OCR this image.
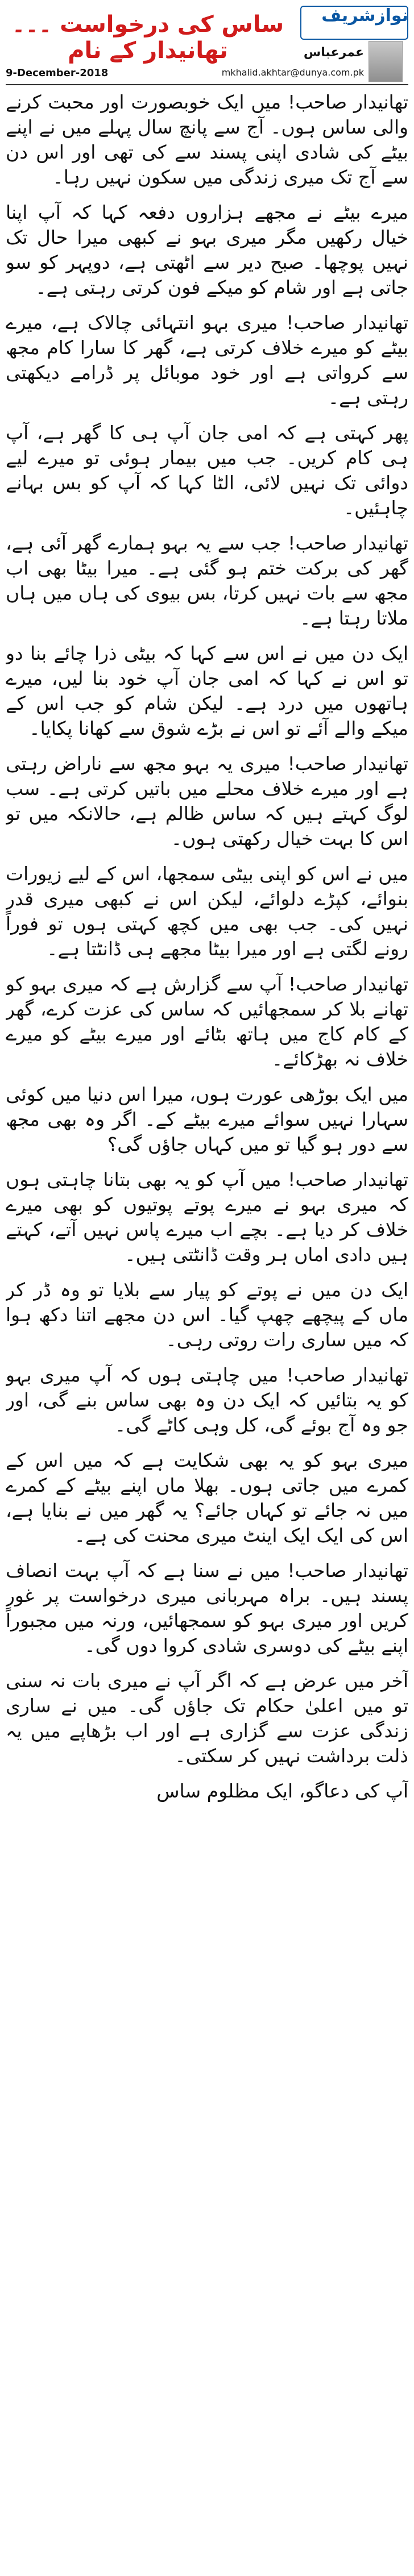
نوازشریف
عمرعباس
ساس کی درخواست ۔۔۔ تھانیدار کے نام
9-December-2018	mkhalid.akhtar@dunya.com.pk

تھانیدار صاحب! میں ایک خوبصورت اور محبت کرنے والی ساس ہوں۔ آج سے پانچ سال پہلے میں نے اپنے بیٹے کی شادی اپنی پسند سے کی تھی اور اس دن سے آج تک میری زندگی میں سکون نہیں رہا۔

میرے بیٹے نے مجھے ہزاروں دفعہ کہا کہ آپ اپنا خیال رکھیں مگر میری بہو نے کبھی میرا حال تک نہیں پوچھا۔ صبح دیر سے اٹھتی ہے، دوپہر کو سو جاتی ہے اور شام کو میکے فون کرتی رہتی ہے۔

تھانیدار صاحب! میری بہو انتہائی چالاک ہے، میرے بیٹے کو میرے خلاف کرتی ہے، گھر کا سارا کام مجھ سے کرواتی ہے اور خود موبائل پر ڈرامے دیکھتی رہتی ہے۔

پھر کہتی ہے کہ امی جان آپ ہی کا گھر ہے، آپ ہی کام کریں۔ جب میں بیمار ہوئی تو میرے لیے دوائی تک نہیں لائی، الٹا کہا کہ آپ کو بس بہانے چاہئیں۔

تھانیدار صاحب! جب سے یہ بہو ہمارے گھر آئی ہے، گھر کی برکت ختم ہو گئی ہے۔ میرا بیٹا بھی اب مجھ سے بات نہیں کرتا، بس بیوی کی ہاں میں ہاں ملاتا رہتا ہے۔

ایک دن میں نے اس سے کہا کہ بیٹی ذرا چائے بنا دو تو اس نے کہا کہ امی جان آپ خود بنا لیں، میرے ہاتھوں میں درد ہے۔ لیکن شام کو جب اس کے میکے والے آئے تو اس نے بڑے شوق سے کھانا پکایا۔

تھانیدار صاحب! میری یہ بہو مجھ سے ناراض رہتی ہے اور میرے خلاف محلے میں باتیں کرتی ہے۔ سب لوگ کہتے ہیں کہ ساس ظالم ہے، حالانکہ میں تو اس کا بہت خیال رکھتی ہوں۔

میں نے اس کو اپنی بیٹی سمجھا، اس کے لیے زیورات بنوائے، کپڑے دلوائے، لیکن اس نے کبھی میری قدر نہیں کی۔ جب بھی میں کچھ کہتی ہوں تو فوراً رونے لگتی ہے اور میرا بیٹا مجھے ہی ڈانٹتا ہے۔

تھانیدار صاحب! آپ سے گزارش ہے کہ میری بہو کو تھانے بلا کر سمجھائیں کہ ساس کی عزت کرے، گھر کے کام کاج میں ہاتھ بٹائے اور میرے بیٹے کو میرے خلاف نہ بھڑکائے۔

میں ایک بوڑھی عورت ہوں، میرا اس دنیا میں کوئی سہارا نہیں سوائے میرے بیٹے کے۔ اگر وہ بھی مجھ سے دور ہو گیا تو میں کہاں جاؤں گی؟

تھانیدار صاحب! میں آپ کو یہ بھی بتانا چاہتی ہوں کہ میری بہو نے میرے پوتے پوتیوں کو بھی میرے خلاف کر دیا ہے۔ بچے اب میرے پاس نہیں آتے، کہتے ہیں دادی اماں ہر وقت ڈانٹتی ہیں۔

ایک دن میں نے پوتے کو پیار سے بلایا تو وہ ڈر کر ماں کے پیچھے چھپ گیا۔ اس دن مجھے اتنا دکھ ہوا کہ میں ساری رات روتی رہی۔

تھانیدار صاحب! میں چاہتی ہوں کہ آپ میری بہو کو یہ بتائیں کہ ایک دن وہ بھی ساس بنے گی، اور جو وہ آج بوئے گی، کل وہی کاٹے گی۔

میری بہو کو یہ بھی شکایت ہے کہ میں اس کے کمرے میں جاتی ہوں۔ بھلا ماں اپنے بیٹے کے کمرے میں نہ جائے تو کہاں جائے؟ یہ گھر میں نے بنایا ہے، اس کی ایک ایک اینٹ میری محنت کی ہے۔

تھانیدار صاحب! میں نے سنا ہے کہ آپ بہت انصاف پسند ہیں۔ براہ مہربانی میری درخواست پر غور کریں اور میری بہو کو سمجھائیں، ورنہ میں مجبوراً اپنے بیٹے کی دوسری شادی کروا دوں گی۔

آخر میں عرض ہے کہ اگر آپ نے میری بات نہ سنی تو میں اعلیٰ حکام تک جاؤں گی۔ میں نے ساری زندگی عزت سے گزاری ہے اور اب بڑھاپے میں یہ ذلت برداشت نہیں کر سکتی۔

آپ کی دعاگو، ایک مظلوم ساس
